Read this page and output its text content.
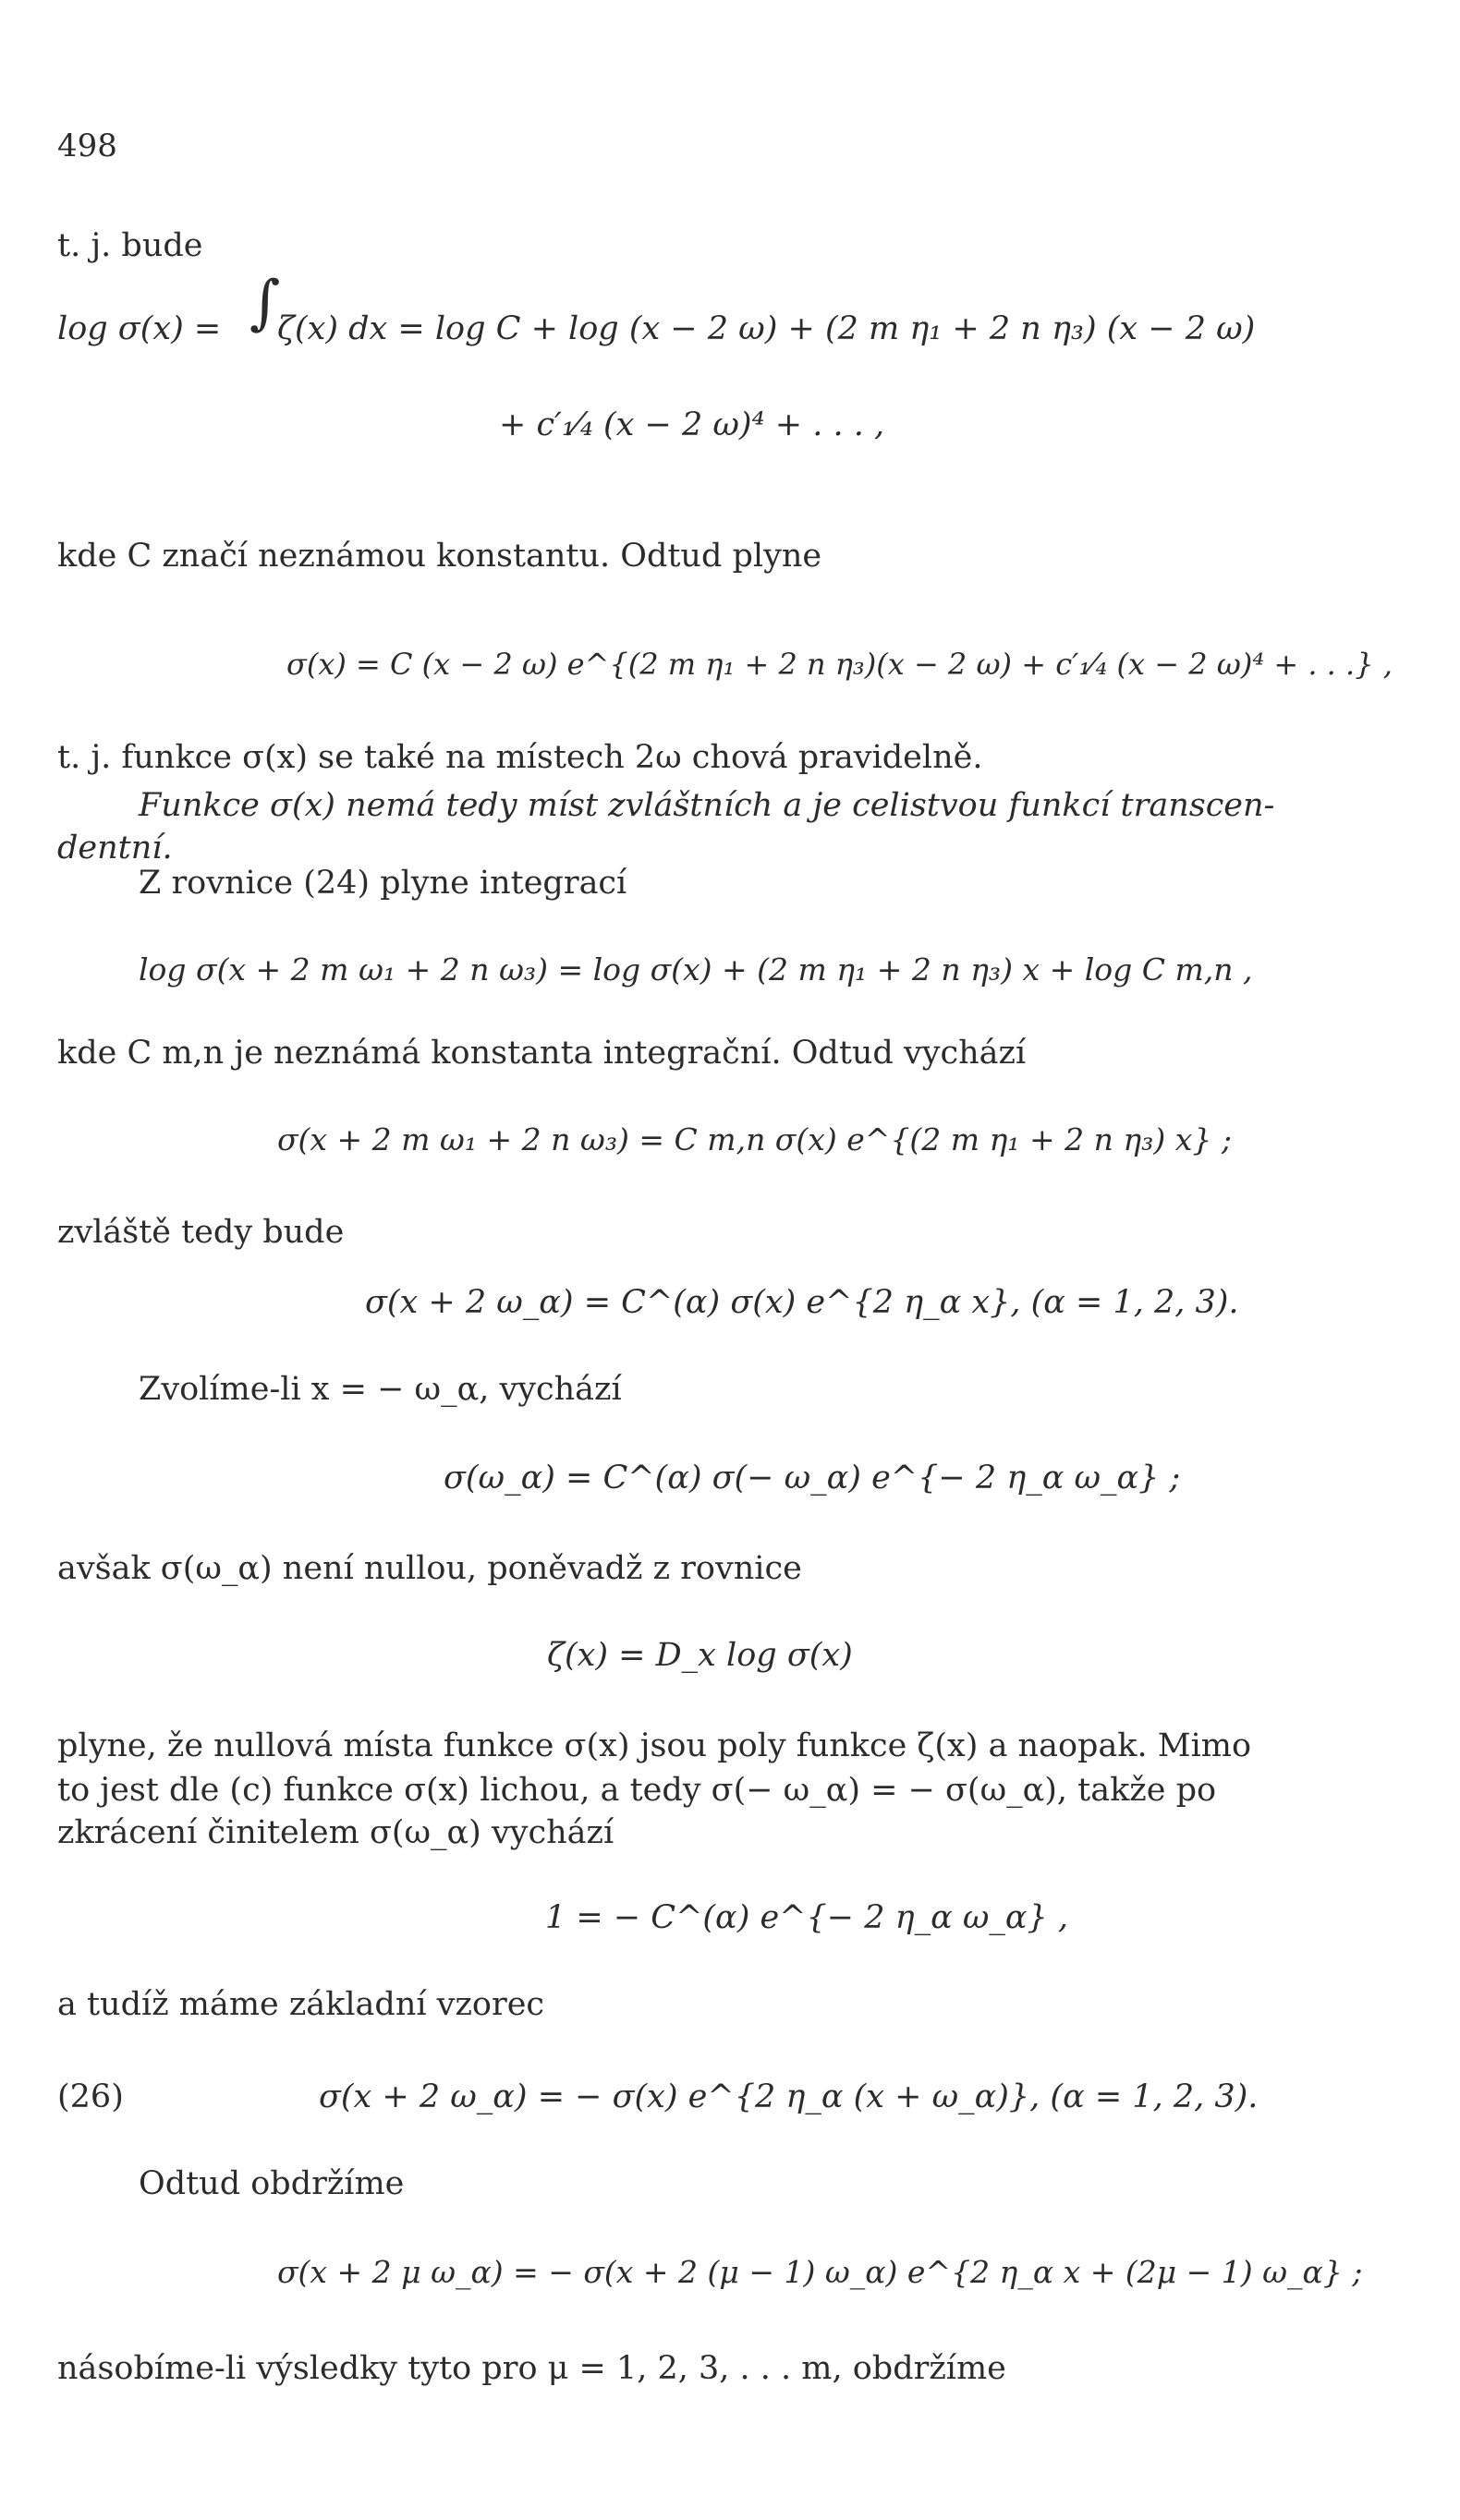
498
t. j. bude
log σ(x) = ∫
ζ(x) dx = log C + log (x − 2 ω) + (2 m η₁ + 2 n η₃) (x − 2 ω)
+ c′₁⁄₄ (x − 2 ω)⁴ + . . . ,
kde C značí neznámou konstantu. Odtud plyne
σ(x) = C (x − 2 ω) e^{(2 m η₁ + 2 n η₃)(x − 2 ω) + c′₁⁄₄ (x − 2 ω)⁴ + . . .} ,
t. j. funkce σ(x) se také na místech 2ω chová pravidelně.
Funkce σ(x) nemá tedy míst zvláštních a je celistvou funkcí transcen-
dentní.
Z rovnice (24) plyne integrací
log σ(x + 2 m ω₁ + 2 n ω₃) = log σ(x) + (2 m η₁ + 2 n η₃) x + log C m,n ,
kde C m,n je neznámá konstanta integrační. Odtud vychází
σ(x + 2 m ω₁ + 2 n ω₃) = C m,n σ(x) e^{(2 m η₁ + 2 n η₃) x} ;
zvláště tedy bude
σ(x + 2 ω_α) = C^(α) σ(x) e^{2 η_α x}, (α = 1, 2, 3).
Zvolíme-li x = − ω_α, vychází
σ(ω_α) = C^(α) σ(− ω_α) e^{− 2 η_α ω_α} ;
avšak σ(ω_α) není nullou, poněvadž z rovnice
ζ(x) = D_x log σ(x)
plyne, že nullová místa funkce σ(x) jsou poly funkce ζ(x) a naopak. Mimo
to jest dle (c) funkce σ(x) lichou, a tedy σ(− ω_α) = − σ(ω_α), takže po
zkrácení činitelem σ(ω_α) vychází
1 = − C^(α) e^{− 2 η_α ω_α} ,
a tudíž máme základní vzorec
(26)	σ(x + 2 ω_α) = − σ(x) e^{2 η_α (x + ω_α)}, (α = 1, 2, 3).
Odtud obdržíme
σ(x + 2 μ ω_α) = − σ(x + 2 (μ − 1) ω_α) e^{2 η_α x + (2μ − 1) ω_α} ;
násobíme-li výsledky tyto pro μ = 1, 2, 3, . . . m, obdržíme
